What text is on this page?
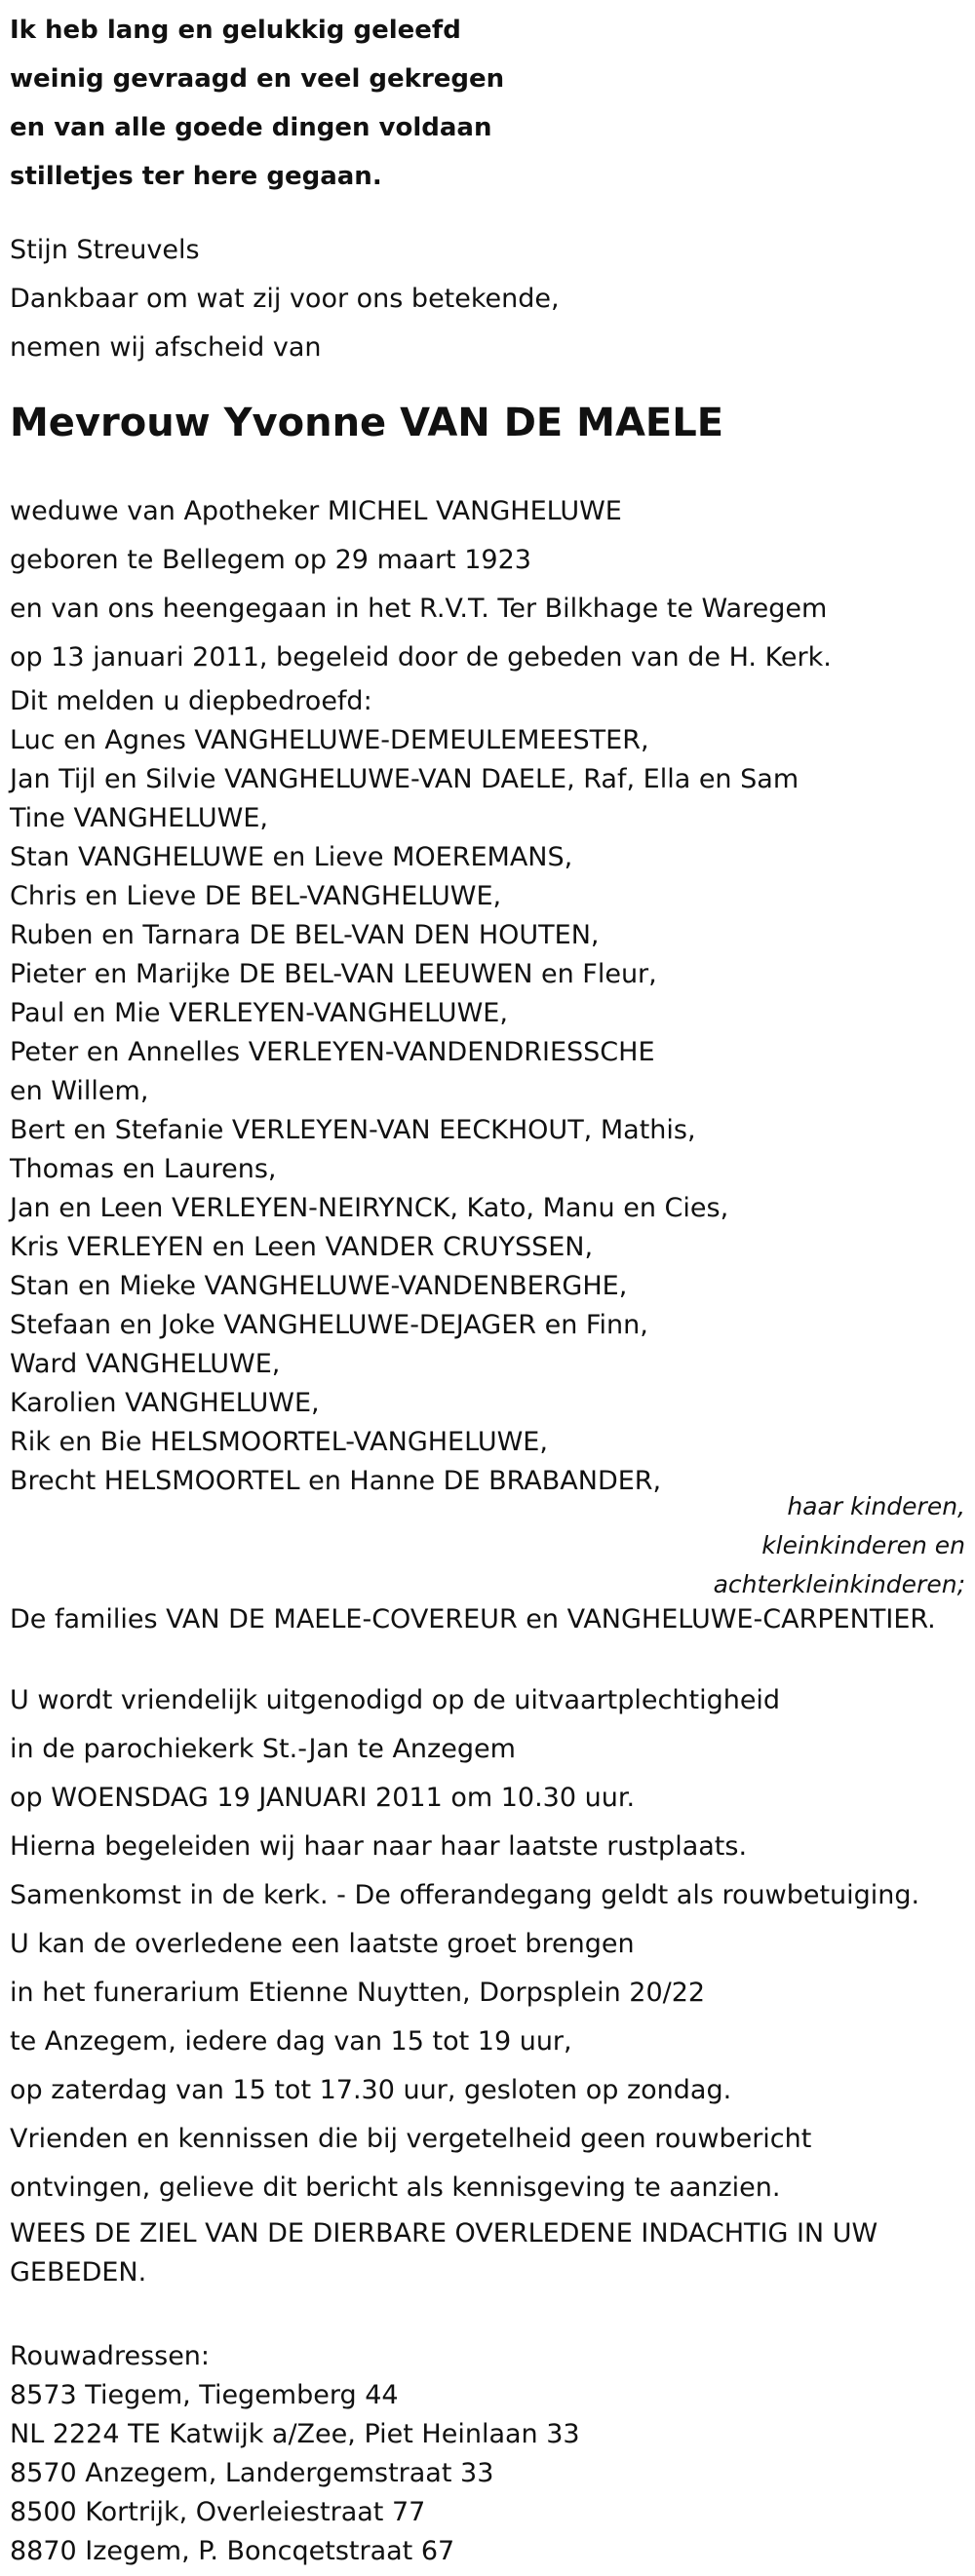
Ik heb lang en gelukkig geleefd
weinig gevraagd en veel gekregen
en van alle goede dingen voldaan
stilletjes ter here gegaan.
Stijn Streuvels
Dankbaar om wat zij voor ons betekende,
nemen wij afscheid van
Mevrouw Yvonne VAN DE MAELE
weduwe van Apotheker MICHEL VANGHELUWE
geboren te Bellegem op 29 maart 1923
en van ons heengegaan in het R.V.T. Ter Bilkhage te Waregem
op 13 januari 2011, begeleid door de gebeden van de H. Kerk.
Dit melden u diepbedroefd:
Luc en Agnes VANGHELUWE-DEMEULEMEESTER,
Jan Tijl en Silvie VANGHELUWE-VAN DAELE, Raf, Ella en Sam
Tine VANGHELUWE,
Stan VANGHELUWE en Lieve MOEREMANS,
Chris en Lieve DE BEL-VANGHELUWE,
Ruben en Tarnara DE BEL-VAN DEN HOUTEN,
Pieter en Marijke DE BEL-VAN LEEUWEN en Fleur,
Paul en Mie VERLEYEN-VANGHELUWE,
Peter en Annelles VERLEYEN-VANDENDRIESSCHE
en Willem,
Bert en Stefanie VERLEYEN-VAN EECKHOUT, Mathis,
Thomas en Laurens,
Jan en Leen VERLEYEN-NEIRYNCK, Kato, Manu en Cies,
Kris VERLEYEN en Leen VANDER CRUYSSEN,
Stan en Mieke VANGHELUWE-VANDENBERGHE,
Stefaan en Joke VANGHELUWE-DEJAGER en Finn,
Ward VANGHELUWE,
Karolien VANGHELUWE,
Rik en Bie HELSMOORTEL-VANGHELUWE,
Brecht HELSMOORTEL en Hanne DE BRABANDER,
haar kinderen,
kleinkinderen en
achterkleinkinderen;
De families VAN DE MAELE-COVEREUR en VANGHELUWE-CARPENTIER.
U wordt vriendelijk uitgenodigd op de uitvaartplechtigheid
in de parochiekerk St.-Jan te Anzegem
op WOENSDAG 19 JANUARI 2011 om 10.30 uur.
Hierna begeleiden wij haar naar haar laatste rustplaats.
Samenkomst in de kerk. - De offerandegang geldt als rouwbetuiging.
U kan de overledene een laatste groet brengen
in het funerarium Etienne Nuytten, Dorpsplein 20/22
te Anzegem, iedere dag van 15 tot 19 uur,
op zaterdag van 15 tot 17.30 uur, gesloten op zondag.
Vrienden en kennissen die bij vergetelheid geen rouwbericht
ontvingen, gelieve dit bericht als kennisgeving te aanzien.
WEES DE ZIEL VAN DE DIERBARE OVERLEDENE INDACHTIG IN UW GEBEDEN.
Rouwadressen:
8573 Tiegem, Tiegemberg 44
NL 2224 TE Katwijk a/Zee, Piet Heinlaan 33
8570 Anzegem, Landergemstraat 33
8500 Kortrijk, Overleiestraat 77
8870 Izegem, P. Boncqetstraat 67
